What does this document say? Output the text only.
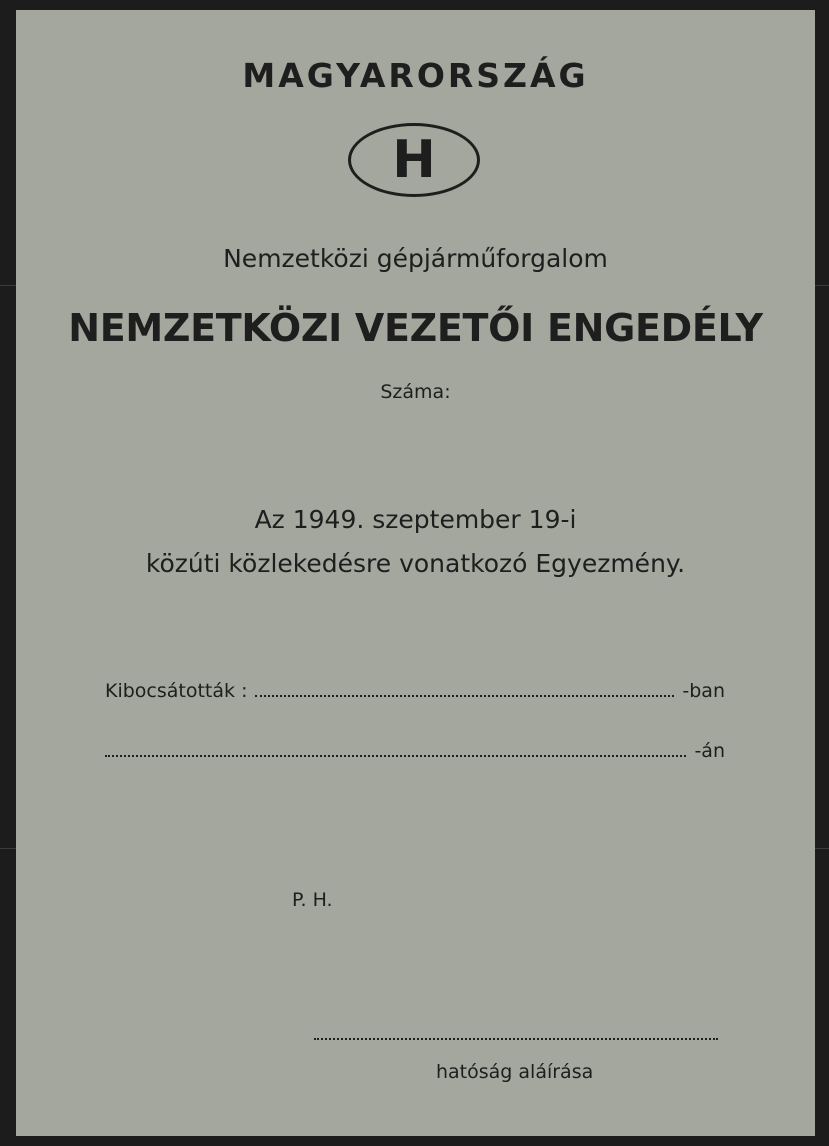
MAGYARORSZÁG
H
Nemzetközi gépjárműforgalom
NEMZETKÖZI VEZETŐI ENGEDÉLY
Száma:
Az 1949. szeptember 19-i
közúti közlekedésre vonatkozó Egyezmény.
Kibocsátották :	-ban
-án
P. H.
hatóság aláírása
